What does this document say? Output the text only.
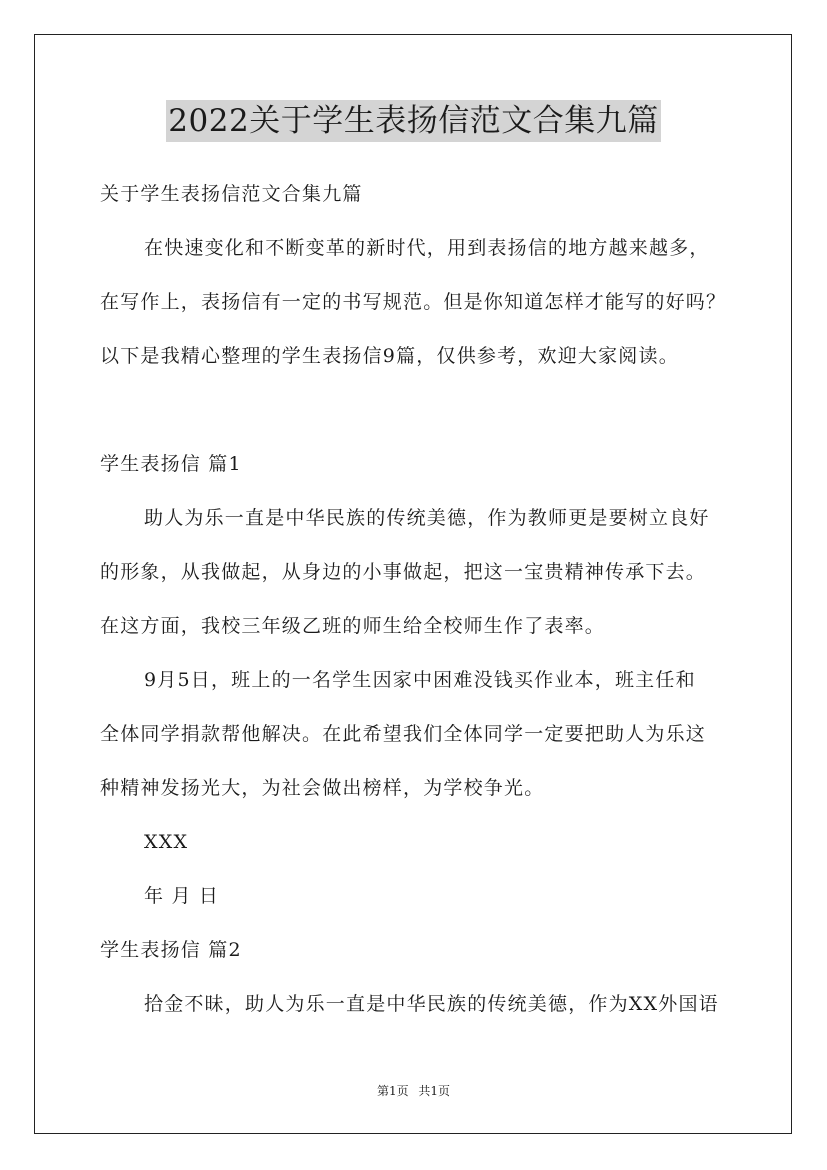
2022关于学生表扬信范文合集九篇
关于学生表扬信范文合集九篇
在快速变化和不断变革的新时代，用到表扬信的地方越来越多，
在写作上，表扬信有一定的书写规范。但是你知道怎样才能写的好吗？
以下是我精心整理的学生表扬信9篇，仅供参考，欢迎大家阅读。
学生表扬信 篇1
助人为乐一直是中华民族的传统美德，作为教师更是要树立良好
的形象，从我做起，从身边的小事做起，把这一宝贵精神传承下去。
在这方面，我校三年级乙班的师生给全校师生作了表率。
9月5日，班上的一名学生因家中困难没钱买作业本，班主任和
全体同学捐款帮他解决。在此希望我们全体同学一定要把助人为乐这
种精神发扬光大，为社会做出榜样，为学校争光。
XXX
年 月 日
学生表扬信 篇2
拾金不昧，助人为乐一直是中华民族的传统美德，作为XX外国语
第1页 共1页
